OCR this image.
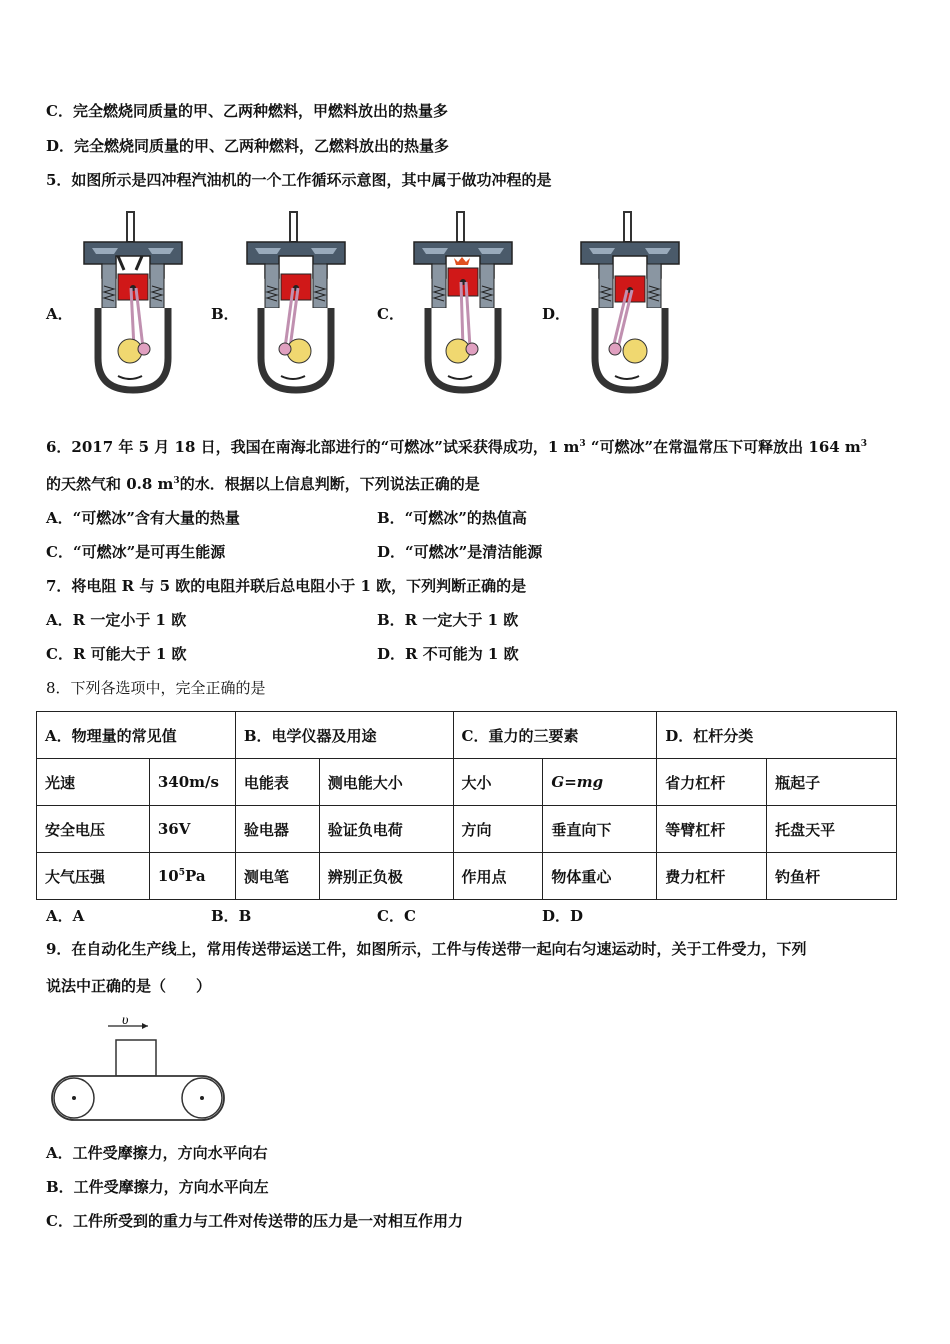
C．完全燃烧同质量的甲、乙两种燃料，甲燃料放出的热量多
D．完全燃烧同质量的甲、乙两种燃料，乙燃料放出的热量多
5．如图所示是四冲程汽油机的一个工作循环示意图，其中属于做功冲程的是
A．	B．	C．	D．
6．2017 年 5 月 18 日，我国在南海北部进行的“可燃冰”试采获得成功，1 $m^3$ “可燃冰”在常温常压下可释放出 164 $m^3$
的天然气和 0.8 $m^3$的水．根据以上信息判断，下列说法正确的是
A．“可燃冰”含有大量的热量	B．“可燃冰”的热值高
C．“可燃冰”是可再生能源	D．“可燃冰”是清洁能源
7．将电阻 R 与 5 欧的电阻并联后总电阻小于 1 欧，下列判断正确的是
A．R 一定小于 1 欧	B．R 一定大于 1 欧
C．R 可能大于 1 欧	D．R 不可能为 1 欧
8．下列各选项中，完全正确的是
A．物理量的常见值		B．电学仪器及用途		C．重力的三要素		D．杠杆分类	
光速	340m/s	电能表	测电能大小	大小	G=mg	省力杠杆	瓶起子
安全电压	36V	验电器	验证负电荷	方向	垂直向下	等臂杠杆	托盘天平
大气压强	$10^5Pa$	测电笔	辨别正负极	作用点	物体重心	费力杠杆	钓鱼杆
A．A	B．B	C．C	D．D
9．在自动化生产线上，常用传送带运送工件，如图所示，工件与传送带一起向右匀速运动时，关于工件受力，下列
说法中正确的是（　　）
υ
A．工件受摩擦力，方向水平向右
B．工件受摩擦力，方向水平向左
C．工件所受到的重力与工件对传送带的压力是一对相互作用力
